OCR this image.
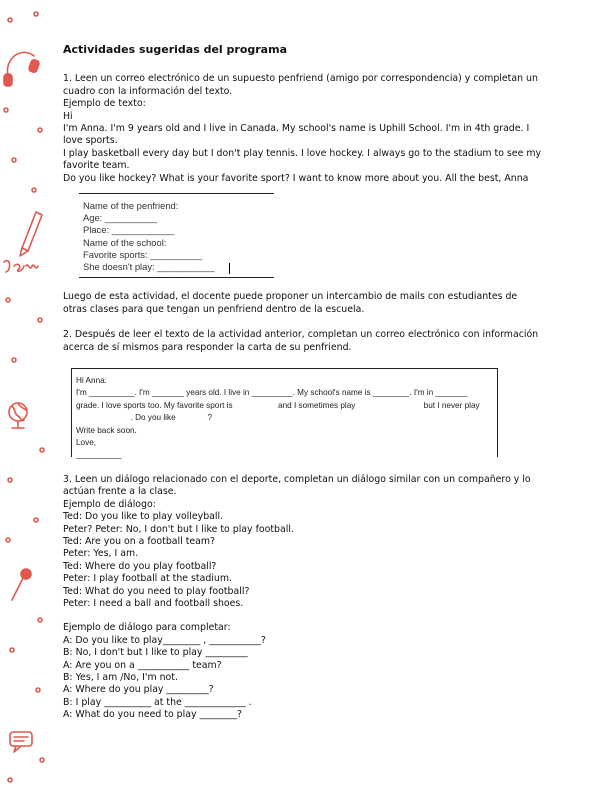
Actividades sugeridas del programa

1. Leen un correo electrónico de un supuesto penfriend (amigo por correspondencia) y completan un cuadro con la información del texto.

Ejemplo de texto:

Hi

I'm Anna. I'm 9 years old and I live in Canada. My school's name is Uphill School. I'm in 4th grade. I love sports.

I play basketball every day but I don't play tennis. I love hockey. I always go to the stadium to see my favorite team.

Do you like hockey? What is your favorite sport? I want to know more about you. All the best, Anna

Name of the penfriend:
Age: __________
Place: ____________
Name of the school:
Favorite sports: __________
She doesn't play: ___________

Luego de esta actividad, el docente puede proponer un intercambio de mails con estudiantes de otras clases para que tengan un penfriend dentro de la escuela.

2. Después de leer el texto de la actividad anterior, completan un correo electrónico con información acerca de sí mismos para responder la carta de su penfriend.

Hi Anna:
I'm __________. I'm _______ years old. I live in _________. My school's name is ________. I'm in _______
grade. I love sports too. My favorite sport is                    and I sometimes play                              but I never play
. Do you like              ?
Write back soon.
Love,
__________

3. Leen un diálogo relacionado con el deporte, completan un diálogo similar con un compañero y lo actúan frente a la clase.

Ejemplo de diálogo:

Ted: Do you like to play volleyball.

Peter? Peter: No, I don't but I like to play football.

Ted: Are you on a football team?

Peter: Yes, I am.

Ted: Where do you play football?

Peter: I play football at the stadium.

Ted: What do you need to play football?

Peter: I need a ball and football shoes.

Ejemplo de diálogo para completar:

A: Do you like to play________ , ___________?

B: No, I don't but I like to play _________

A: Are you on a ___________ team?

B: Yes, I am /No, I'm not.

A: Where do you play _________?

B: I play __________ at the _____________ .

A: What do you need to play ________?
